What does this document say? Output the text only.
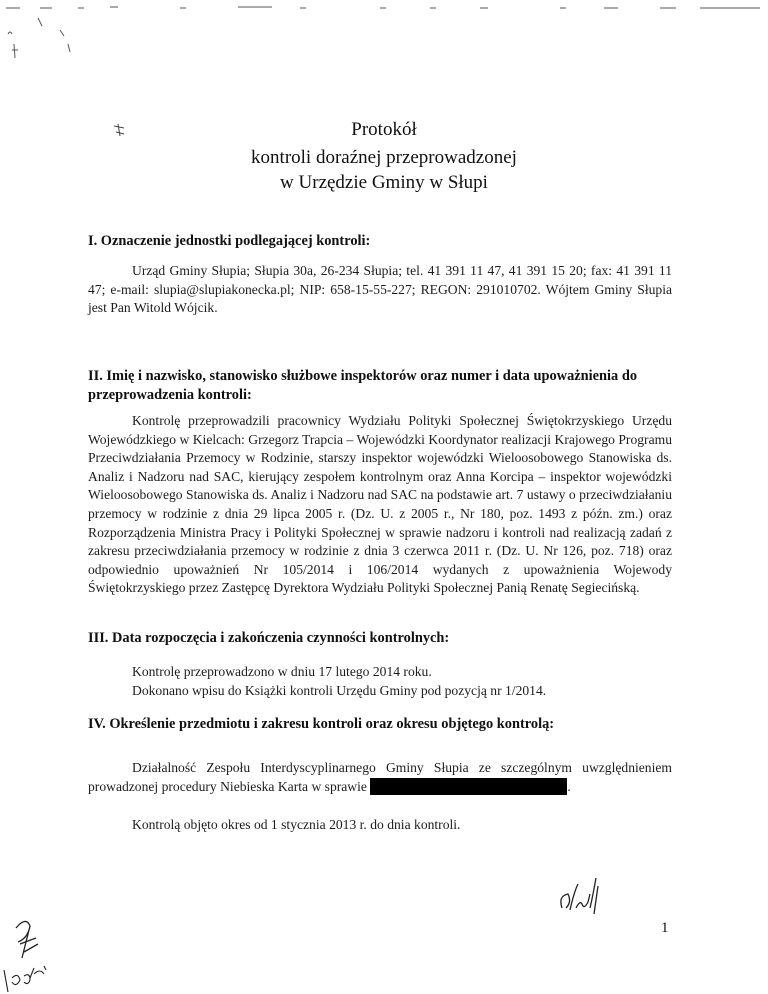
Protokół
kontroli doraźnej przeprowadzonej
w Urzędzie Gminy w Słupi
I. Oznaczenie jednostki podlegającej kontroli:
Urząd Gminy Słupia; Słupia 30a, 26-234 Słupia; tel. 41 391 11 47, 41 391 15 20; fax: 41 391 11 47; e-mail: slupia@slupiakonecka.pl; NIP: 658-15-55-227; REGON: 291010702. Wójtem Gminy Słupia jest Pan Witold Wójcik.
II. Imię i nazwisko, stanowisko służbowe inspektorów oraz numer i data upoważnienia do przeprowadzenia kontroli:
Kontrolę przeprowadzili pracownicy Wydziału Polityki Społecznej Świętokrzyskiego Urzędu Wojewódzkiego w Kielcach: Grzegorz Trapcia – Wojewódzki Koordynator realizacji Krajowego Programu Przeciwdziałania Przemocy w Rodzinie, starszy inspektor wojewódzki Wieloosobowego Stanowiska ds. Analiz i Nadzoru nad SAC, kierujący zespołem kontrolnym oraz Anna Korcipa – inspektor wojewódzki Wieloosobowego Stanowiska ds. Analiz i Nadzoru nad SAC na podstawie art. 7 ustawy o przeciwdziałaniu przemocy w rodzinie z dnia 29 lipca 2005 r. (Dz. U. z 2005 r., Nr 180, poz. 1493 z późn. zm.) oraz Rozporządzenia Ministra Pracy i Polityki Społecznej w sprawie nadzoru i kontroli nad realizacją zadań z zakresu przeciwdziałania przemocy w rodzinie z dnia 3 czerwca 2011 r. (Dz. U. Nr 126, poz. 718) oraz odpowiednio upoważnień Nr 105/2014 i 106/2014 wydanych z upoważnienia Wojewody Świętokrzyskiego przez Zastępcę Dyrektora Wydziału Polityki Społecznej Panią Renatę Segiecińską.
III. Data rozpoczęcia i zakończenia czynności kontrolnych:
Kontrolę przeprowadzono w dniu 17 lutego 2014 roku.
Dokonano wpisu do Książki kontroli Urzędu Gminy pod pozycją nr 1/2014.
IV. Określenie przedmiotu i zakresu kontroli oraz okresu objętego kontrolą:
Działalność Zespołu Interdyscyplinarnego Gminy Słupia ze szczególnym uwzględnieniem prowadzonej procedury Niebieska Karta w sprawie	.
Kontrolą objęto okres od 1 stycznia 2013 r. do dnia kontroli.
1
